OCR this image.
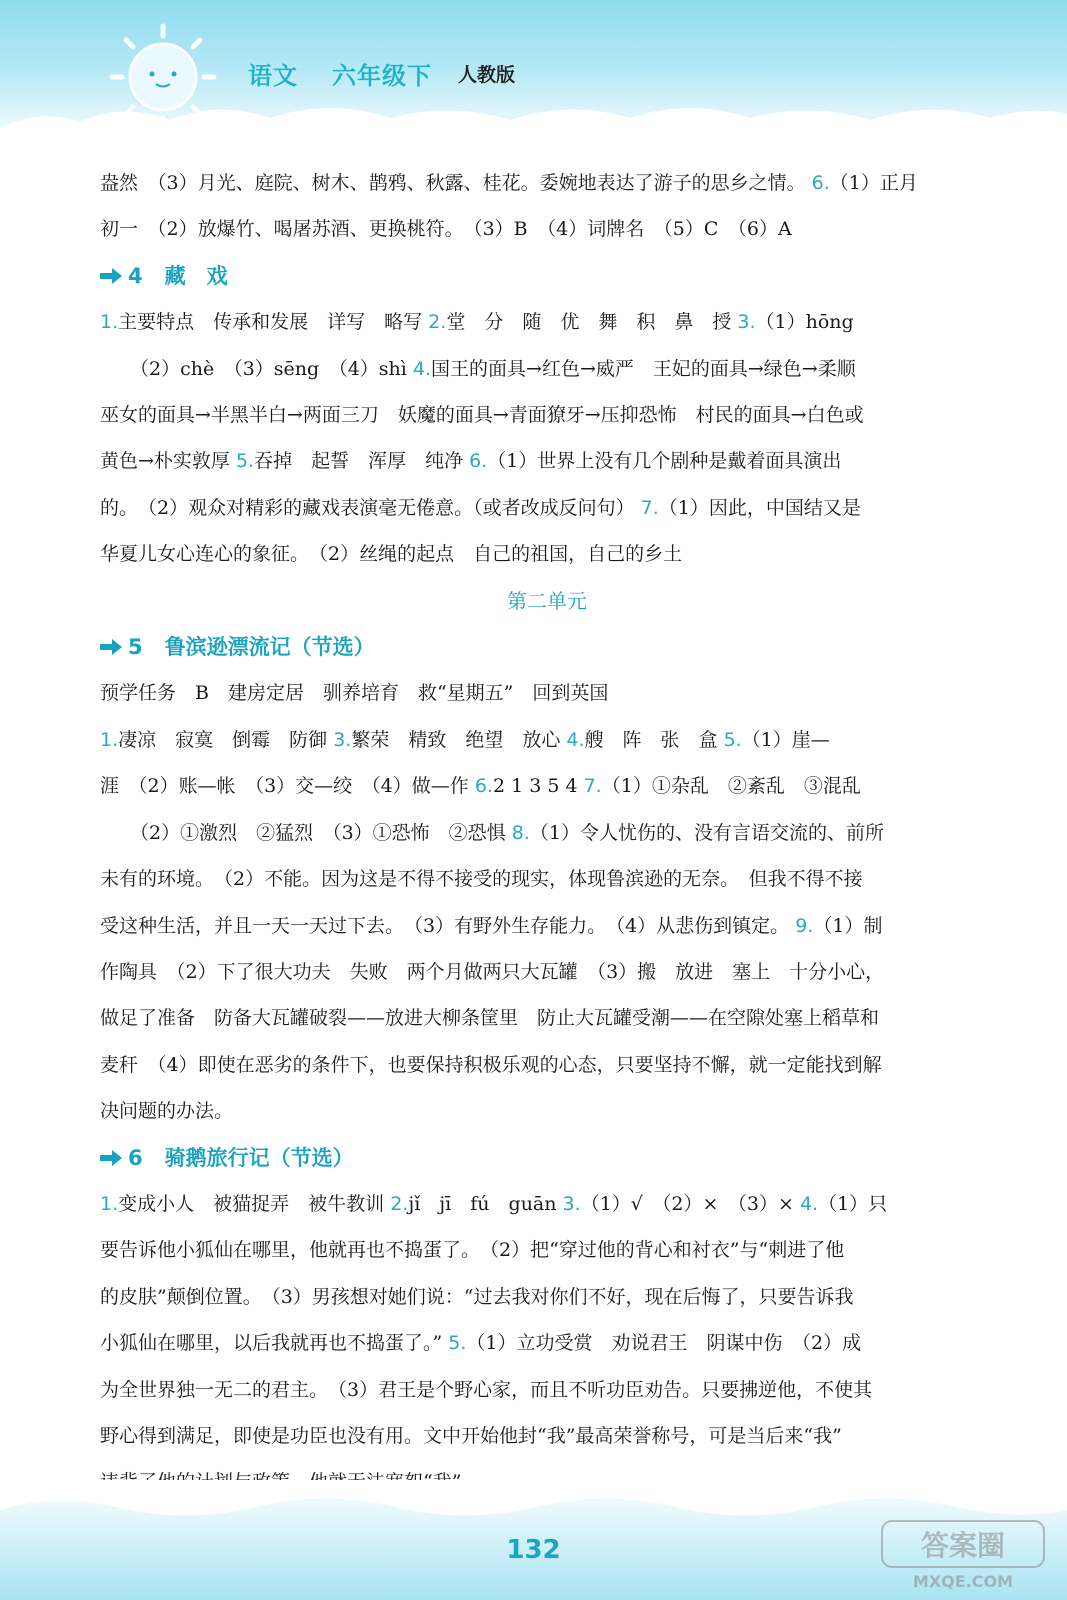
语文 六年级下 人教版

盎然　（3）月光、庭院、树木、鹊鸦、秋露、桂花。委婉地表达了游子的思乡之情。 6.（1）正月

初一　（2）放爆竹、喝屠苏酒、更换桃符。　（3）B　（4）词牌名　（5）C　（6）A

4 藏　戏

1.主要特点　传承和发展　详写　略写 2.堂　分　随　优　舞　积　鼻　授 3.（1）hōng

（2）chè　（3）sēng　（4）shì 4.国王的面具→红色→威严　王妃的面具→绿色→柔顺

巫女的面具→半黑半白→两面三刀　妖魔的面具→青面獠牙→压抑恐怖　村民的面具→白色或

黄色→朴实敦厚 5.吞掉　起誓　浑厚　纯净 6.（1）世界上没有几个剧种是戴着面具演出

的。　（2）观众对精彩的藏戏表演毫无倦意。（或者改成反问句） 7.（1）因此，中国结又是

华夏儿女心连心的象征。　（2）丝绳的起点　自己的祖国，自己的乡土

第二单元

5 鲁滨逊漂流记（节选）

预学任务　B　建房定居　驯养培育　救“星期五”　回到英国

1.凄凉　寂寞　倒霉　防御 3.繁荣　精致　绝望　放心 4.艘　阵　张　盒 5.（1）崖—

涯　（2）账—帐　（3）交—绞　（4）做—作 6.2 1 3 5 4 7.（1）①杂乱　②紊乱　③混乱

（2）①激烈　②猛烈　（3）①恐怖　②恐惧 8.（1）令人忧伤的、没有言语交流的、前所

未有的环境。　（2）不能。因为这是不得不接受的现实，体现鲁滨逊的无奈。　但我不得不接

受这种生活，并且一天一天过下去。　（3）有野外生存能力。　（4）从悲伤到镇定。 9.（1）制

作陶具　（2）下了很大功夫　失败　两个月做两只大瓦罐　（3）搬　放进　塞上　十分小心，

做足了准备　防备大瓦罐破裂——放进大柳条筐里　防止大瓦罐受潮——在空隙处塞上稻草和

麦秆　（4）即使在恶劣的条件下，也要保持积极乐观的心态，只要坚持不懈，就一定能找到解

决问题的办法。

6 骑鹅旅行记（节选）

1.变成小人　被猫捉弄　被牛教训 2.jǐ　jī　fú　guān 3.（1）√　（2）×　（3）× 4.（1）只

要告诉他小狐仙在哪里，他就再也不捣蛋了。　（2）把“穿过他的背心和衬衣”与“刺进了他

的皮肤”颠倒位置。　（3）男孩想对她们说：“过去我对你们不好，现在后悔了，只要告诉我

小狐仙在哪里，以后我就再也不捣蛋了。” 5.（1）立功受赏　劝说君王　阴谋中伤　（2）成

为全世界独一无二的君主。　（3）君王是个野心家，而且不听功臣劝告。只要拂逆他，不使其

野心得到满足，即使是功臣也没有用。文中开始他封“我”最高荣誉称号，可是当后来“我”

132	答案圈
MXQE.COM
